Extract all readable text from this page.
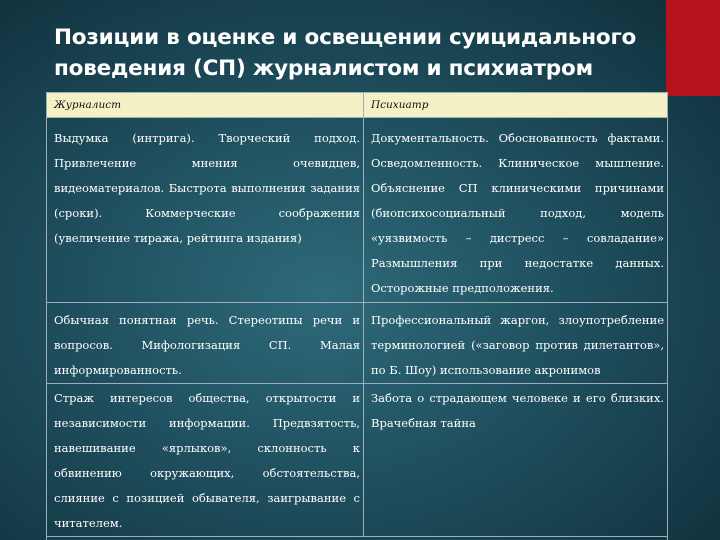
Позиции в оценке и освещении суицидального поведения (СП) журналистом и психиатром
Журналист	Психиатр
Выдумка (интрига). Творческий подход. Привлечение мнения очевидцев, видеоматериалов. Быстрота выполнения задания (сроки). Коммерческие соображения (увеличение тиража, рейтинга издания)	Документальность. Обоснованность фактами. Осведомленность. Клиническое мышление. Объяснение СП клиническими причинами (биопсихосоциальный подход, модель «уязвимость – дистресс – совладание» Размышления при недостатке данных. Осторожные предположения.
Обычная понятная речь. Стереотипы речи и вопросов. Мифологизация СП. Малая информированность.	Профессиональный жаргон, злоупотребление терминологией («заговор против дилетантов», по Б. Шоу) использование акронимов
Страж интересов общества, открытости и независимости информации. Предвзятость, навешивание «ярлыков», склонность к обвинению окружающих, обстоятельства, слияние с позицией обывателя, заигрывание с читателем.	Забота о страдающем человеке и его близких. Врачебная тайна
